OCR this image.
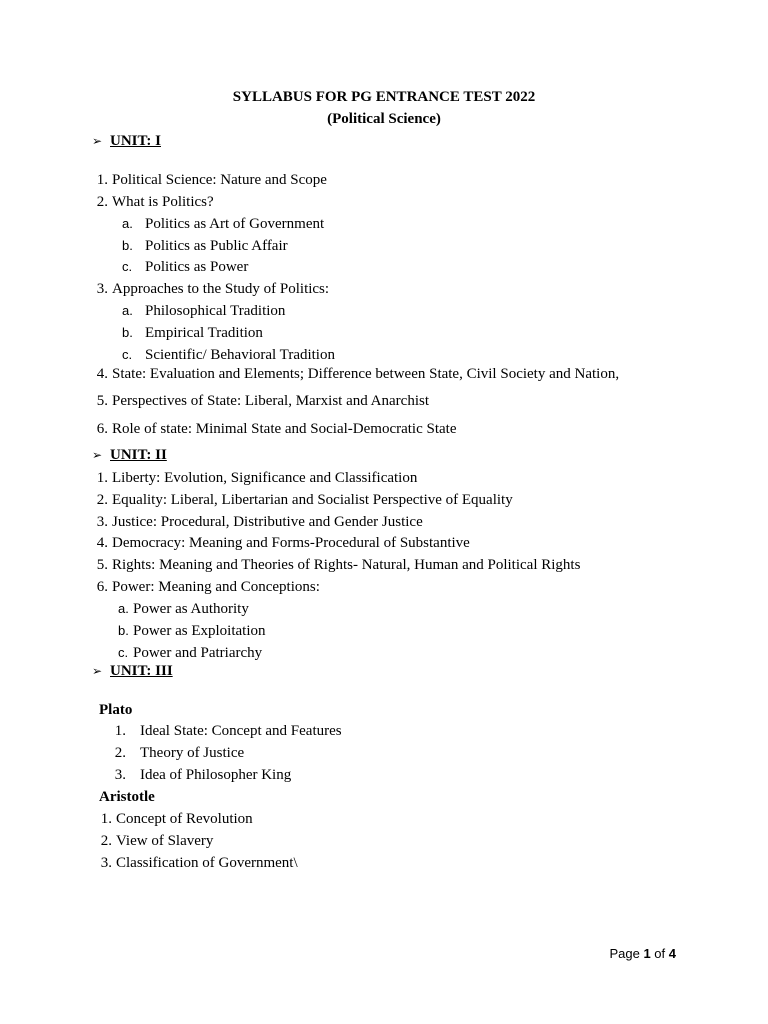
SYLLABUS FOR PG ENTRANCE TEST 2022
(Political Science)
➢ UNIT: I
1. Political Science: Nature and Scope
2. What is Politics?
a. Politics as Art of Government
b. Politics as Public Affair
c. Politics as Power
3. Approaches to the Study of Politics:
a. Philosophical Tradition
b. Empirical Tradition
c. Scientific/ Behavioral Tradition
4. State: Evaluation and Elements; Difference between State, Civil Society and Nation,
5. Perspectives of State: Liberal, Marxist and Anarchist
6. Role of state: Minimal State and Social-Democratic State
➢ UNIT: II
1. Liberty: Evolution, Significance and Classification
2. Equality: Liberal, Libertarian and Socialist Perspective of Equality
3. Justice: Procedural, Distributive and Gender Justice
4. Democracy: Meaning and Forms-Procedural of Substantive
5. Rights: Meaning and Theories of Rights- Natural, Human and Political Rights
6. Power: Meaning and Conceptions:
a. Power as Authority
b. Power as Exploitation
c. Power and Patriarchy
➢ UNIT: III
Plato
1. Ideal State: Concept and Features
2. Theory of Justice
3. Idea of Philosopher King
Aristotle
1. Concept of Revolution
2. View of Slavery
3. Classification of Government\
Page 1 of 4
